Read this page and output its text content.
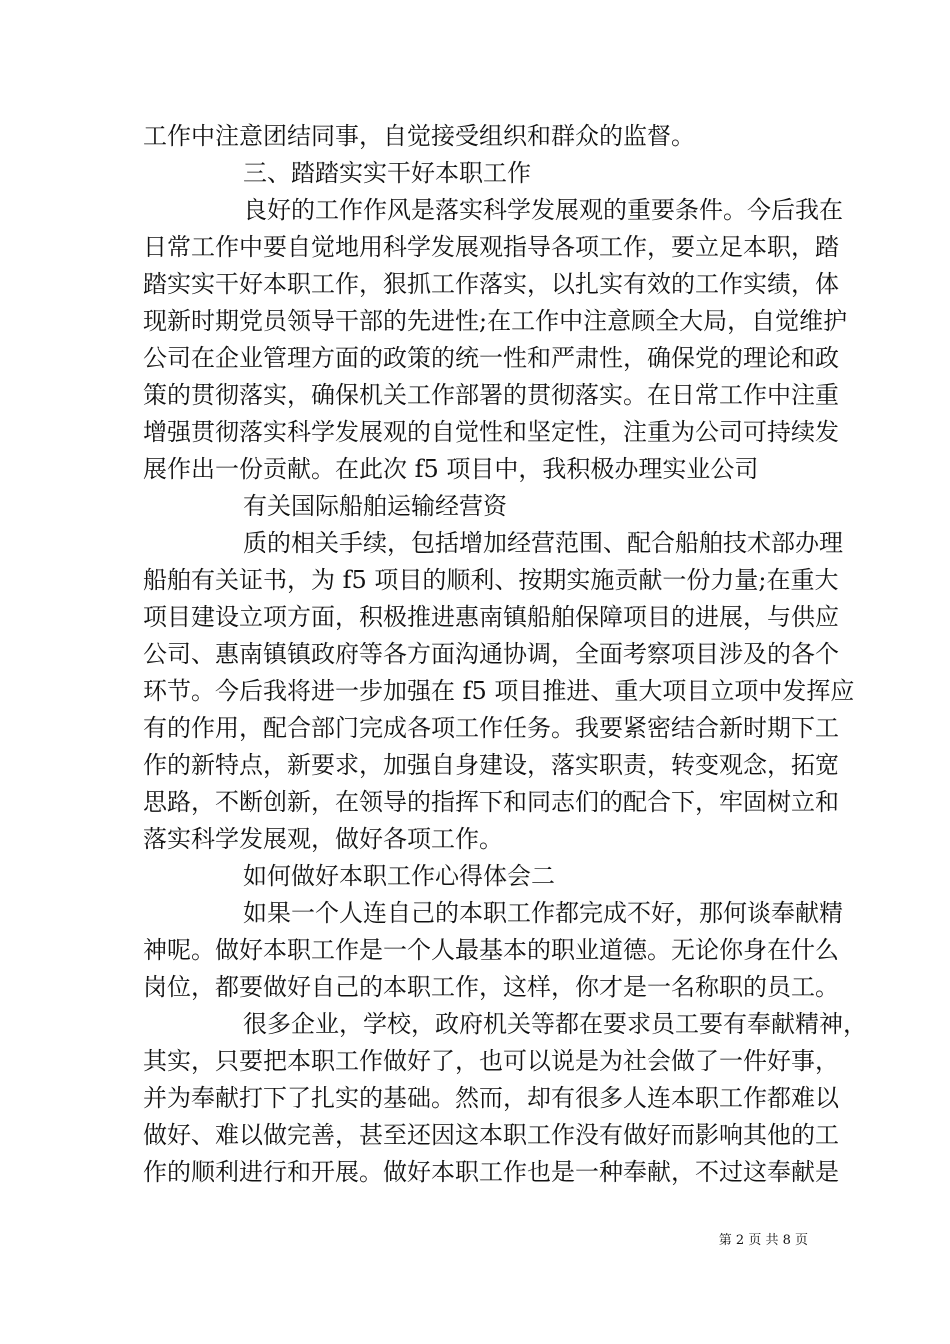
工作中注意团结同事，自觉接受组织和群众的监督。
三、踏踏实实干好本职工作
良好的工作作风是落实科学发展观的重要条件。今后我在
日常工作中要自觉地用科学发展观指导各项工作，要立足本职，踏
踏实实干好本职工作，狠抓工作落实，以扎实有效的工作实绩，体
现新时期党员领导干部的先进性;在工作中注意顾全大局，自觉维护
公司在企业管理方面的政策的统一性和严肃性，确保党的理论和政
策的贯彻落实，确保机关工作部署的贯彻落实。在日常工作中注重
增强贯彻落实科学发展观的自觉性和坚定性，注重为公司可持续发
展作出一份贡献。在此次 f5 项目中，我积极办理实业公司
有关国际船舶运输经营资
质的相关手续，包括增加经营范围、配合船舶技术部办理
船舶有关证书，为 f5 项目的顺利、按期实施贡献一份力量;在重大
项目建设立项方面，积极推进惠南镇船舶保障项目的进展，与供应
公司、惠南镇镇政府等各方面沟通协调，全面考察项目涉及的各个
环节。今后我将进一步加强在 f5 项目推进、重大项目立项中发挥应
有的作用，配合部门完成各项工作任务。我要紧密结合新时期下工
作的新特点，新要求，加强自身建设，落实职责，转变观念，拓宽
思路，不断创新，在领导的指挥下和同志们的配合下，牢固树立和
落实科学发展观，做好各项工作。
如何做好本职工作心得体会二
如果一个人连自己的本职工作都完成不好，那何谈奉献精
神呢。做好本职工作是一个人最基本的职业道德。无论你身在什么
岗位，都要做好自己的本职工作，这样，你才是一名称职的员工。
很多企业，学校，政府机关等都在要求员工要有奉献精神，
其实，只要把本职工作做好了，也可以说是为社会做了一件好事，
并为奉献打下了扎实的基础。然而，却有很多人连本职工作都难以
做好、难以做完善，甚至还因这本职工作没有做好而影响其他的工
作的顺利进行和开展。做好本职工作也是一种奉献，不过这奉献是
第 2 页 共 8 页
